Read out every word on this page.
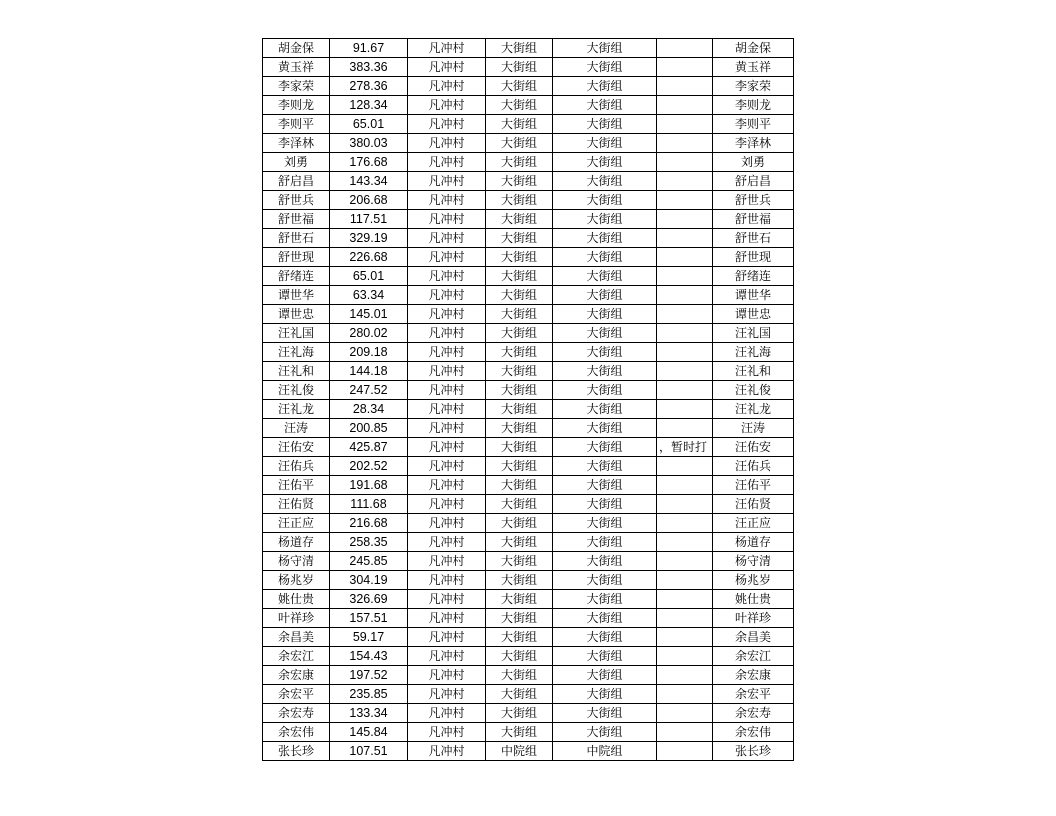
胡金保	91.67	凡冲村	大街组	大街组		胡金保
黄玉祥	383.36	凡冲村	大街组	大街组		黄玉祥
李家荣	278.36	凡冲村	大街组	大街组		李家荣
李则龙	128.34	凡冲村	大街组	大街组		李则龙
李则平	65.01	凡冲村	大街组	大街组		李则平
李泽林	380.03	凡冲村	大街组	大街组		李泽林
刘勇	176.68	凡冲村	大街组	大街组		刘勇
舒启昌	143.34	凡冲村	大街组	大街组		舒启昌
舒世兵	206.68	凡冲村	大街组	大街组		舒世兵
舒世福	117.51	凡冲村	大街组	大街组		舒世福
舒世石	329.19	凡冲村	大街组	大街组		舒世石
舒世现	226.68	凡冲村	大街组	大街组		舒世现
舒绪连	65.01	凡冲村	大街组	大街组		舒绪连
谭世华	63.34	凡冲村	大街组	大街组		谭世华
谭世忠	145.01	凡冲村	大街组	大街组		谭世忠
汪礼国	280.02	凡冲村	大街组	大街组		汪礼国
汪礼海	209.18	凡冲村	大街组	大街组		汪礼海
汪礼和	144.18	凡冲村	大街组	大街组		汪礼和
汪礼俊	247.52	凡冲村	大街组	大街组		汪礼俊
汪礼龙	28.34	凡冲村	大街组	大街组		汪礼龙
汪涛	200.85	凡冲村	大街组	大街组		汪涛
汪佑安	425.87	凡冲村	大街组	大街组	，暂时打	汪佑安
汪佑兵	202.52	凡冲村	大街组	大街组		汪佑兵
汪佑平	191.68	凡冲村	大街组	大街组		汪佑平
汪佑贤	111.68	凡冲村	大街组	大街组		汪佑贤
汪正应	216.68	凡冲村	大街组	大街组		汪正应
杨道存	258.35	凡冲村	大街组	大街组		杨道存
杨守清	245.85	凡冲村	大街组	大街组		杨守清
杨兆岁	304.19	凡冲村	大街组	大街组		杨兆岁
姚仕贵	326.69	凡冲村	大街组	大街组		姚仕贵
叶祥珍	157.51	凡冲村	大街组	大街组		叶祥珍
余昌美	59.17	凡冲村	大街组	大街组		余昌美
余宏江	154.43	凡冲村	大街组	大街组		余宏江
余宏康	197.52	凡冲村	大街组	大街组		余宏康
余宏平	235.85	凡冲村	大街组	大街组		余宏平
余宏寿	133.34	凡冲村	大街组	大街组		余宏寿
余宏伟	145.84	凡冲村	大街组	大街组		余宏伟
张长珍	107.51	凡冲村	中院组	中院组		张长珍
